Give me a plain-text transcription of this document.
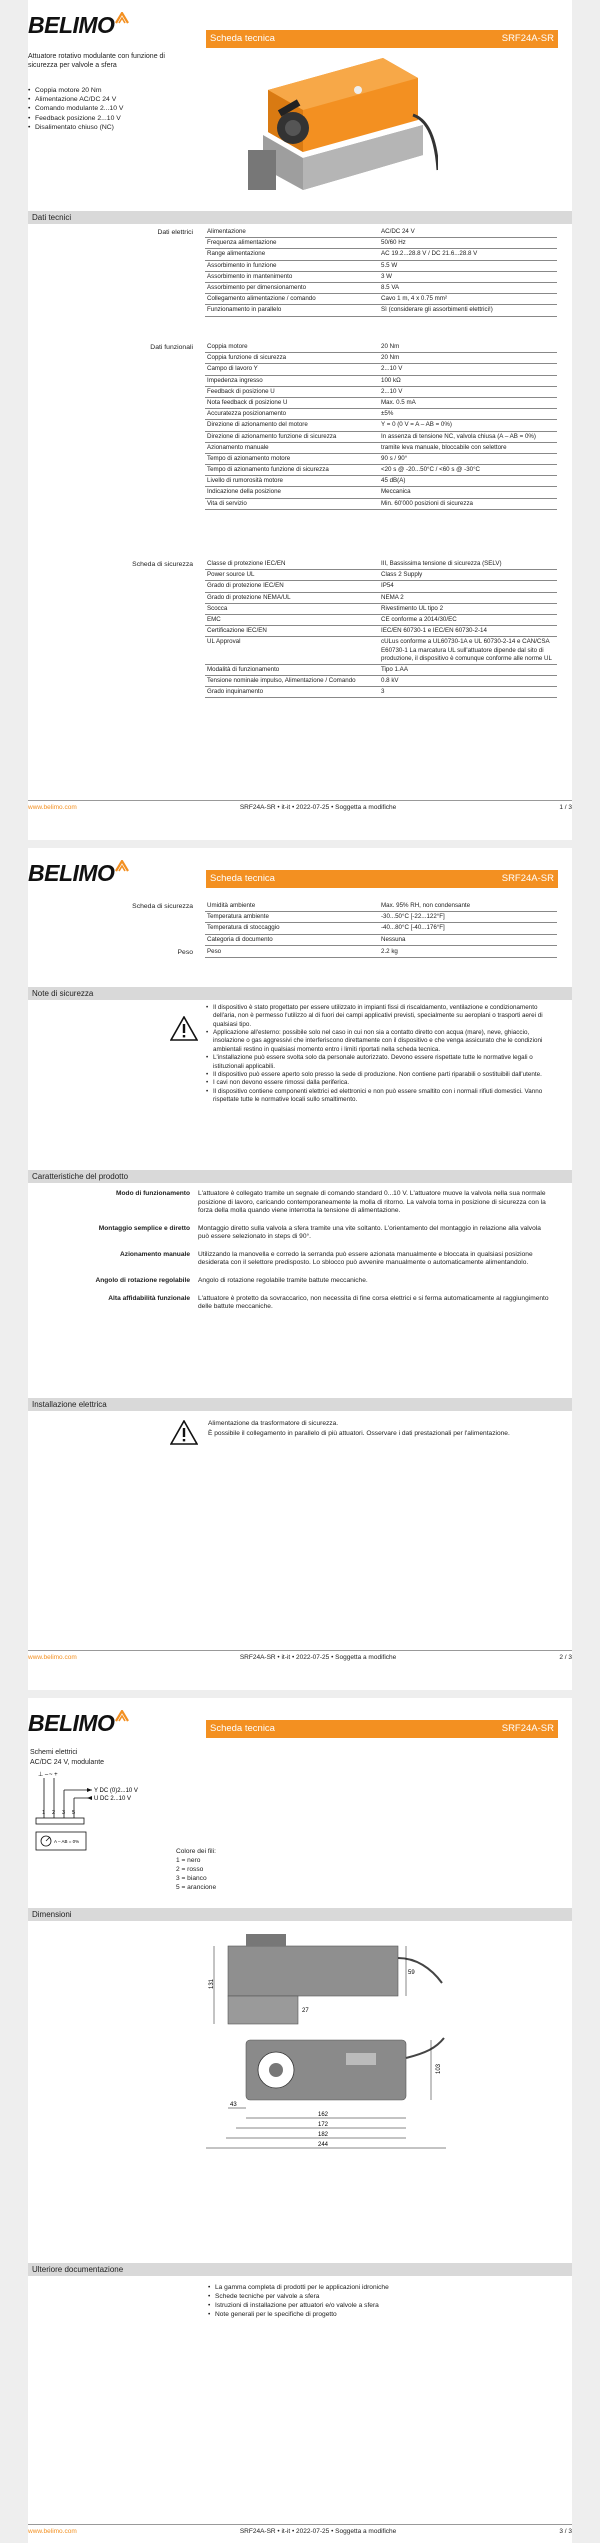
BELIMO
Scheda tecnica	SRF24A-SR
Attuatore rotativo modulante con funzione di sicurezza per valvole a sfera
• Coppia motore 20 Nm
• Alimentazione AC/DC 24 V
• Comando modulante 2...10 V
• Feedback posizione 2...10 V
• Disalimentato chiuso (NC)
Dati tecnici
Dati elettrici Alimentazione	AC/DC 24 V
Frequenza alimentazione	50/60 Hz
Range alimentazione	AC 19.2...28.8 V / DC 21.6...28.8 V
Assorbimento in funzione	5.5 W
Assorbimento in mantenimento	3 W
Assorbimento per dimensionamento	8.5 VA
Collegamento alimentazione / comando	Cavo 1 m, 4 x 0.75 mm²
Funzionamento in parallelo	Sì (considerare gli assorbimenti elettrici!)
Dati funzionali Coppia motore	20 Nm
Coppia funzione di sicurezza	20 Nm
Campo di lavoro Y	2...10 V
Impedenza ingresso	100 kΩ
Feedback di posizione U	2...10 V
Nota feedback di posizione U	Max. 0.5 mA
Accuratezza posizionamento	±5%
Direzione di azionamento del motore	Y = 0 (0 V = A – AB = 0%)
Direzione di azionamento funzione di sicurezza	In assenza di tensione NC, valvola chiusa (A – AB = 0%)
Azionamento manuale	tramite leva manuale, bloccabile con selettore
Tempo di azionamento motore	90 s / 90°
Tempo di azionamento funzione di sicurezza	<20 s @ -20...50°C / <60 s @ -30°C
Livello di rumorosità motore	45 dB(A)
Indicazione della posizione	Meccanica
Vita di servizio	Min. 60'000 posizioni di sicurezza
Scheda di sicurezza Classe di protezione IEC/EN	III, Bassissima tensione di sicurezza (SELV)
Power source UL	Class 2 Supply
Grado di protezione IEC/EN	IP54
Grado di protezione NEMA/UL	NEMA 2
Scocca	Rivestimento UL tipo 2
EMC	CE conforme a 2014/30/EC
Certificazione IEC/EN	IEC/EN 60730-1 e IEC/EN 60730-2-14
UL Approval	cULus conforme a UL60730-1A e UL 60730-2-14 e CAN/CSA E60730-1 La marcatura UL sull'attuatore dipende dal sito di produzione, il dispositivo è comunque conforme alle norme UL
Modalità di funzionamento	Tipo 1.AA
Tensione nominale impulso, Alimentazione / Comando	0.8 kV
Grado inquinamento	3
www.belimo.com	SRF24A-SR • it-it • 2022-07-25 • Soggetta a modifiche	1 / 3
BELIMO	Scheda tecnica	SRF24A-SR
Scheda di sicurezza Umidità ambiente	Max. 95% RH, non condensante
Temperatura ambiente	-30...50°C [-22...122°F]
Temperatura di stoccaggio	-40...80°C [-40...176°F]
Categoria di documento	Nessuna
Peso Peso	2.2 kg
Note di sicurezza
• Il dispositivo è stato progettato per essere utilizzato in impianti fissi di riscaldamento, ventilazione e condizionamento dell'aria, non è permesso l'utilizzo al di fuori dei campi applicativi previsti, specialmente su aeroplani o trasporti aerei di qualsiasi tipo.
• Applicazione all'esterno: possibile solo nel caso in cui non sia a contatto diretto con acqua (mare), neve, ghiaccio, insolazione o gas aggressivi che interferiscono direttamente con il dispositivo e che venga assicurato che le condizioni ambientali restino in qualsiasi momento entro i limiti riportati nella scheda tecnica.
• L'installazione può essere svolta solo da personale autorizzato. Devono essere rispettate tutte le normative legali o istituzionali applicabili.
• Il dispositivo può essere aperto solo presso la sede di produzione. Non contiene parti riparabili o sostituibili dall'utente.
• I cavi non devono essere rimossi dalla periferica.
• Il dispositivo contiene componenti elettrici ed elettronici e non può essere smaltito con i normali rifiuti domestici. Vanno rispettate tutte le normative locali sullo smaltimento.
Caratteristiche del prodotto
Modo di funzionamento	L'attuatore è collegato tramite un segnale di comando standard 0...10 V. L'attuatore muove la valvola nella sua normale posizione di lavoro, caricando contemporaneamente la molla di ritorno. La valvola torna in posizione di sicurezza con la forza della molla quando viene interrotta la tensione di alimentazione.
Montaggio semplice e diretto	Montaggio diretto sulla valvola a sfera tramite una vite soltanto. L'orientamento del montaggio in relazione alla valvola può essere selezionato in steps di 90°.
Azionamento manuale	Utilizzando la manovella e corredo la serranda può essere azionata manualmente e bloccata in qualsiasi posizione desiderata con il selettore predisposto. Lo sblocco può avvenire manualmente o automaticamente alimentandolo.
Angolo di rotazione regolabile	Angolo di rotazione regolabile tramite battute meccaniche.
Alta affidabilità funzionale	L'attuatore è protetto da sovraccarico, non necessita di fine corsa elettrici e si ferma automaticamente al raggiungimento delle battute meccaniche.
Installazione elettrica
Alimentazione da trasformatore di sicurezza.
È possibile il collegamento in parallelo di più attuatori. Osservare i dati prestazionali per l'alimentazione.
www.belimo.com	SRF24A-SR • it-it • 2022-07-25 • Soggetta a modifiche	2 / 3
BELIMO	Scheda tecnica	SRF24A-SR
Schemi elettrici
AC/DC 24 V, modulante
⊥ – ~ +
Y DC (0)2...10 V
U DC 2...10 V
1 2 3 5
A – AB = 0%
Colore dei fili:
1 = nero
2 = rosso
3 = bianco
5 = arancione
Dimensioni
131
59
27
103
43
162
172
182
244
Ulteriore documentazione
• La gamma completa di prodotti per le applicazioni idroniche
• Schede tecniche per valvole a sfera
• Istruzioni di installazione per attuatori e/o valvole a sfera
• Note generali per le specifiche di progetto
www.belimo.com	SRF24A-SR • it-it • 2022-07-25 • Soggetta a modifiche	3 / 3
